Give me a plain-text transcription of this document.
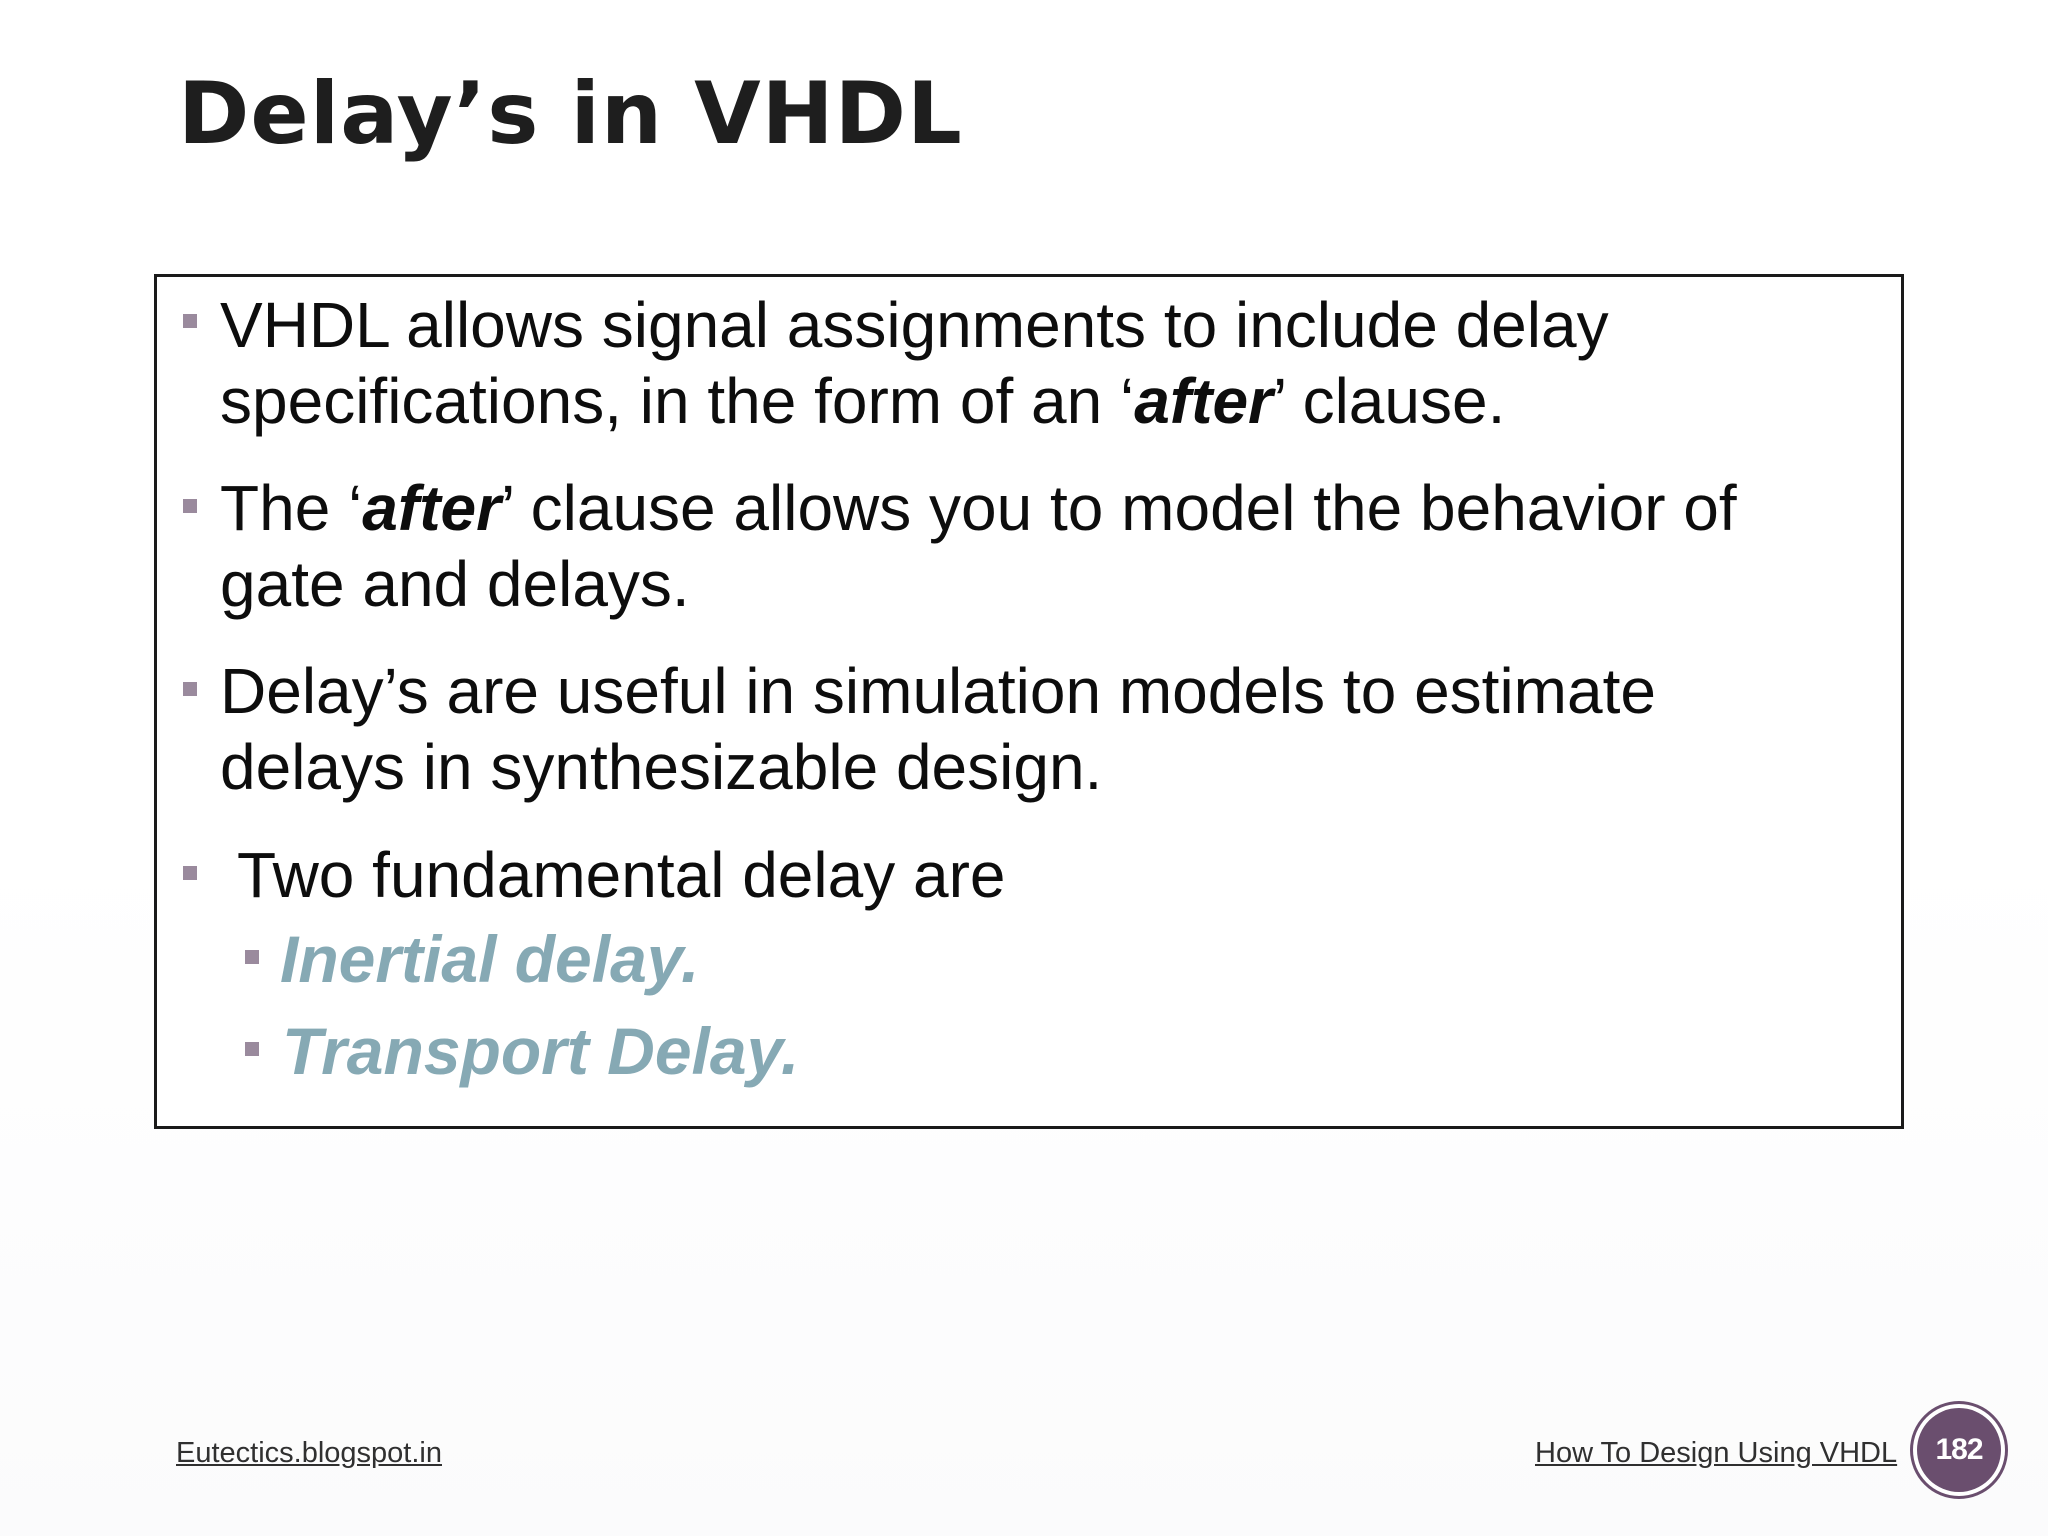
Delay’s in VHDL
VHDL allows signal assignments to include delay
specifications, in the form of an ‘after’ clause.
The ‘after’ clause allows you to model the behavior of
gate and delays.
Delay’s are useful in simulation models to estimate
delays in synthesizable design.
Two fundamental delay are
Inertial delay.
Transport Delay.
Eutectics.blogspot.in	How To Design Using VHDL 182
